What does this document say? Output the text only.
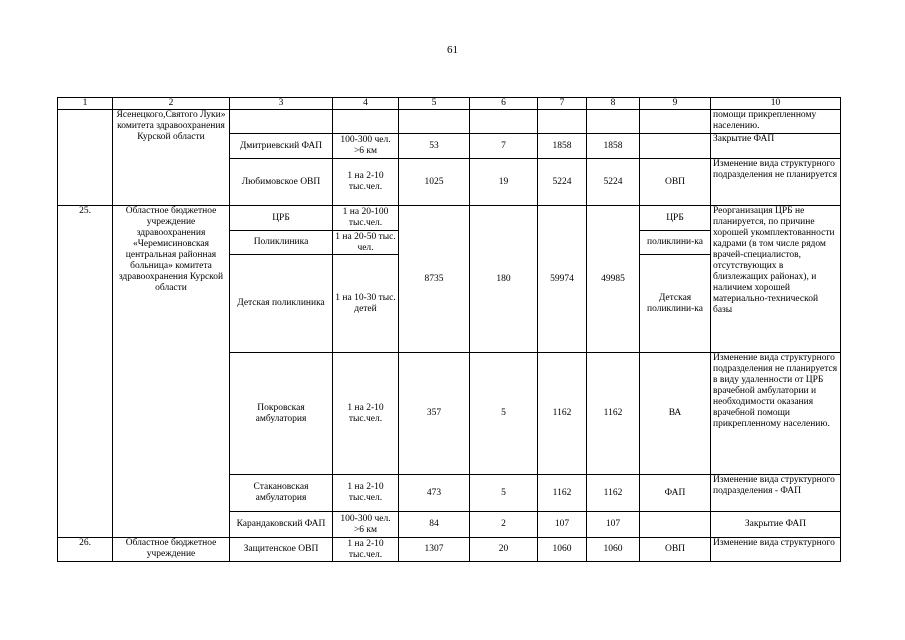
61
1	2	3	4	5	6	7	8	9	10
	Ясенецкого,Святого Луки» комитета здравоохранения Курской области								помощи прикрепленному населению.
		Дмитриевский ФАП	100-300 чел. >6 км	53	7	1858	1858		Закрытие ФАП
		Любимовское ОВП	1 на 2-10 тыс.чел.	1025	19	5224	5224	ОВП	Изменение вида структурного подразделения не планируется
25.	Областное бюджетное учреждение здравоохранения «Черемисиновская центральная районная больница» комитета здравоохранения Курской области	ЦРБ	1 на 20-100 тыс.чел.	8735	180	59974	49985	ЦРБ	Реорганизация ЦРБ не планируется, по причине хорошей укомплектованности кадрами (в том числе рядом врачей-специалистов, отсутствующих в близлежащих районах), и наличием хорошей материально-технической базы
		Поликлиника	1 на 20-50 тыс. чел.					поликлини-ка	
		Детская поликлиника	1 на 10-30 тыс. детей					Детская поликлини-ка	
		Покровская амбулатория	1 на 2-10 тыс.чел.	357	5	1162	1162	ВА	Изменение вида структурного подразделения не планируется в виду удаленности от ЦРБ врачебной амбулатории и необходимости оказания врачебной помощи прикрепленному населению.
		Стакановская амбулатория	1 на 2-10 тыс.чел.	473	5	1162	1162	ФАП	Изменение вида структурного подразделения - ФАП
		Карандаковский ФАП	100-300 чел. >6 км	84	2	107	107		Закрытие ФАП
26.	Областное бюджетное учреждение	Защитенское ОВП	1 на 2-10 тыс.чел.	1307	20	1060	1060	ОВП	Изменение вида структурного
